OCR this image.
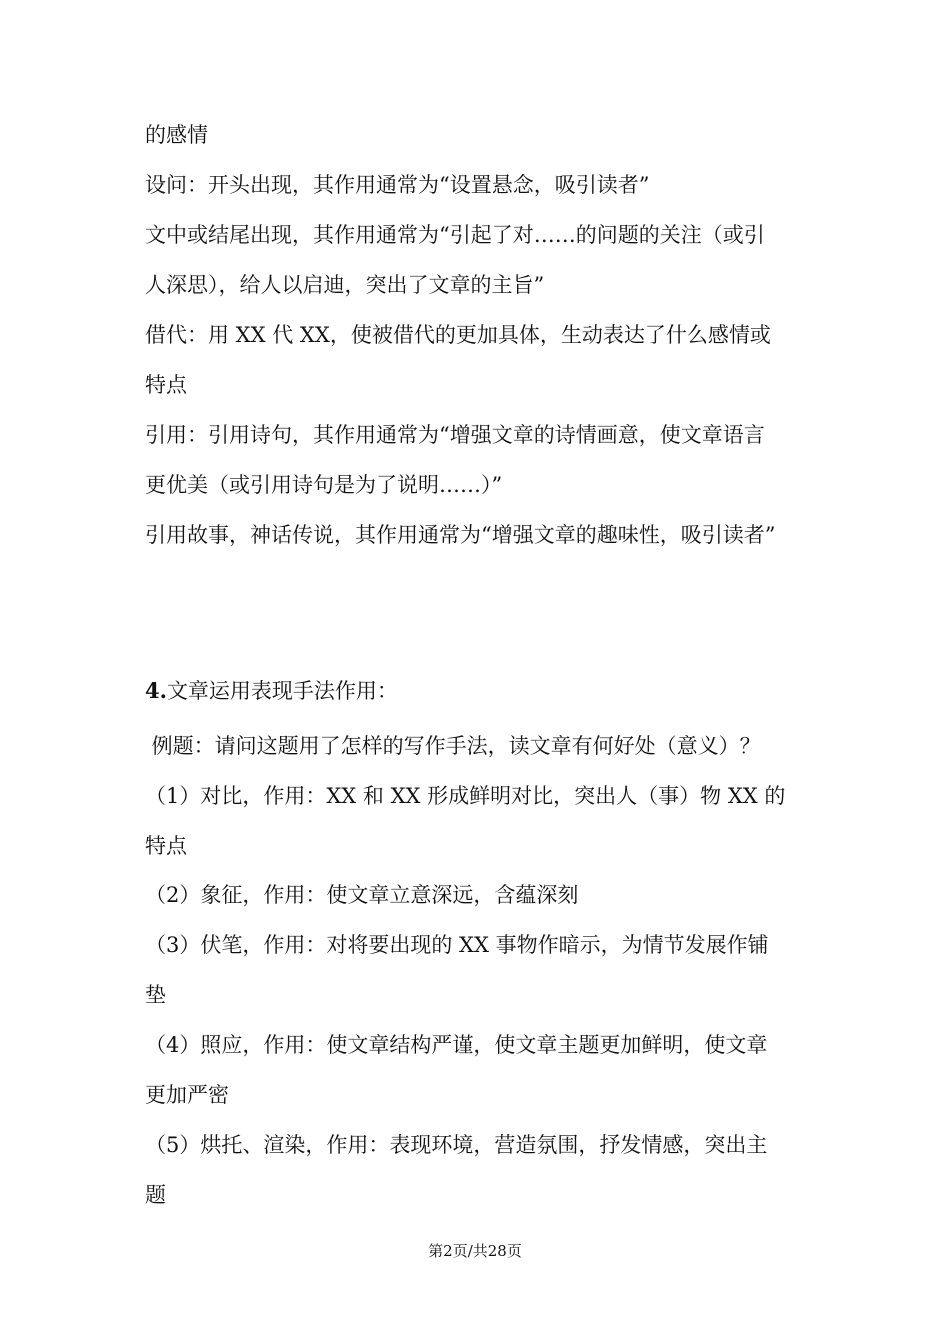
的感情
设问：开头出现，其作用通常为“设置悬念，吸引读者”
文中或结尾出现，其作用通常为“引起了对……的问题的关注（或引
人深思），给人以启迪，突出了文章的主旨”
借代：用 XX 代 XX，使被借代的更加具体，生动表达了什么感情或
特点
引用：引用诗句，其作用通常为“增强文章的诗情画意，使文章语言
更优美（或引用诗句是为了说明……）”
引用故事，神话传说，其作用通常为“增强文章的趣味性，吸引读者”
4.文章运用表现手法作用：
例题：请问这题用了怎样的写作手法，读文章有何好处（意义）？
（1）对比，作用：XX 和 XX 形成鲜明对比，突出人（事）物 XX 的
特点
（2）象征，作用：使文章立意深远，含蕴深刻
（3）伏笔，作用：对将要出现的 XX 事物作暗示，为情节发展作铺
垫
（4）照应，作用：使文章结构严谨，使文章主题更加鲜明，使文章
更加严密
（5）烘托、渲染，作用：表现环境，营造氛围，抒发情感，突出主
题
第2页/共28页
